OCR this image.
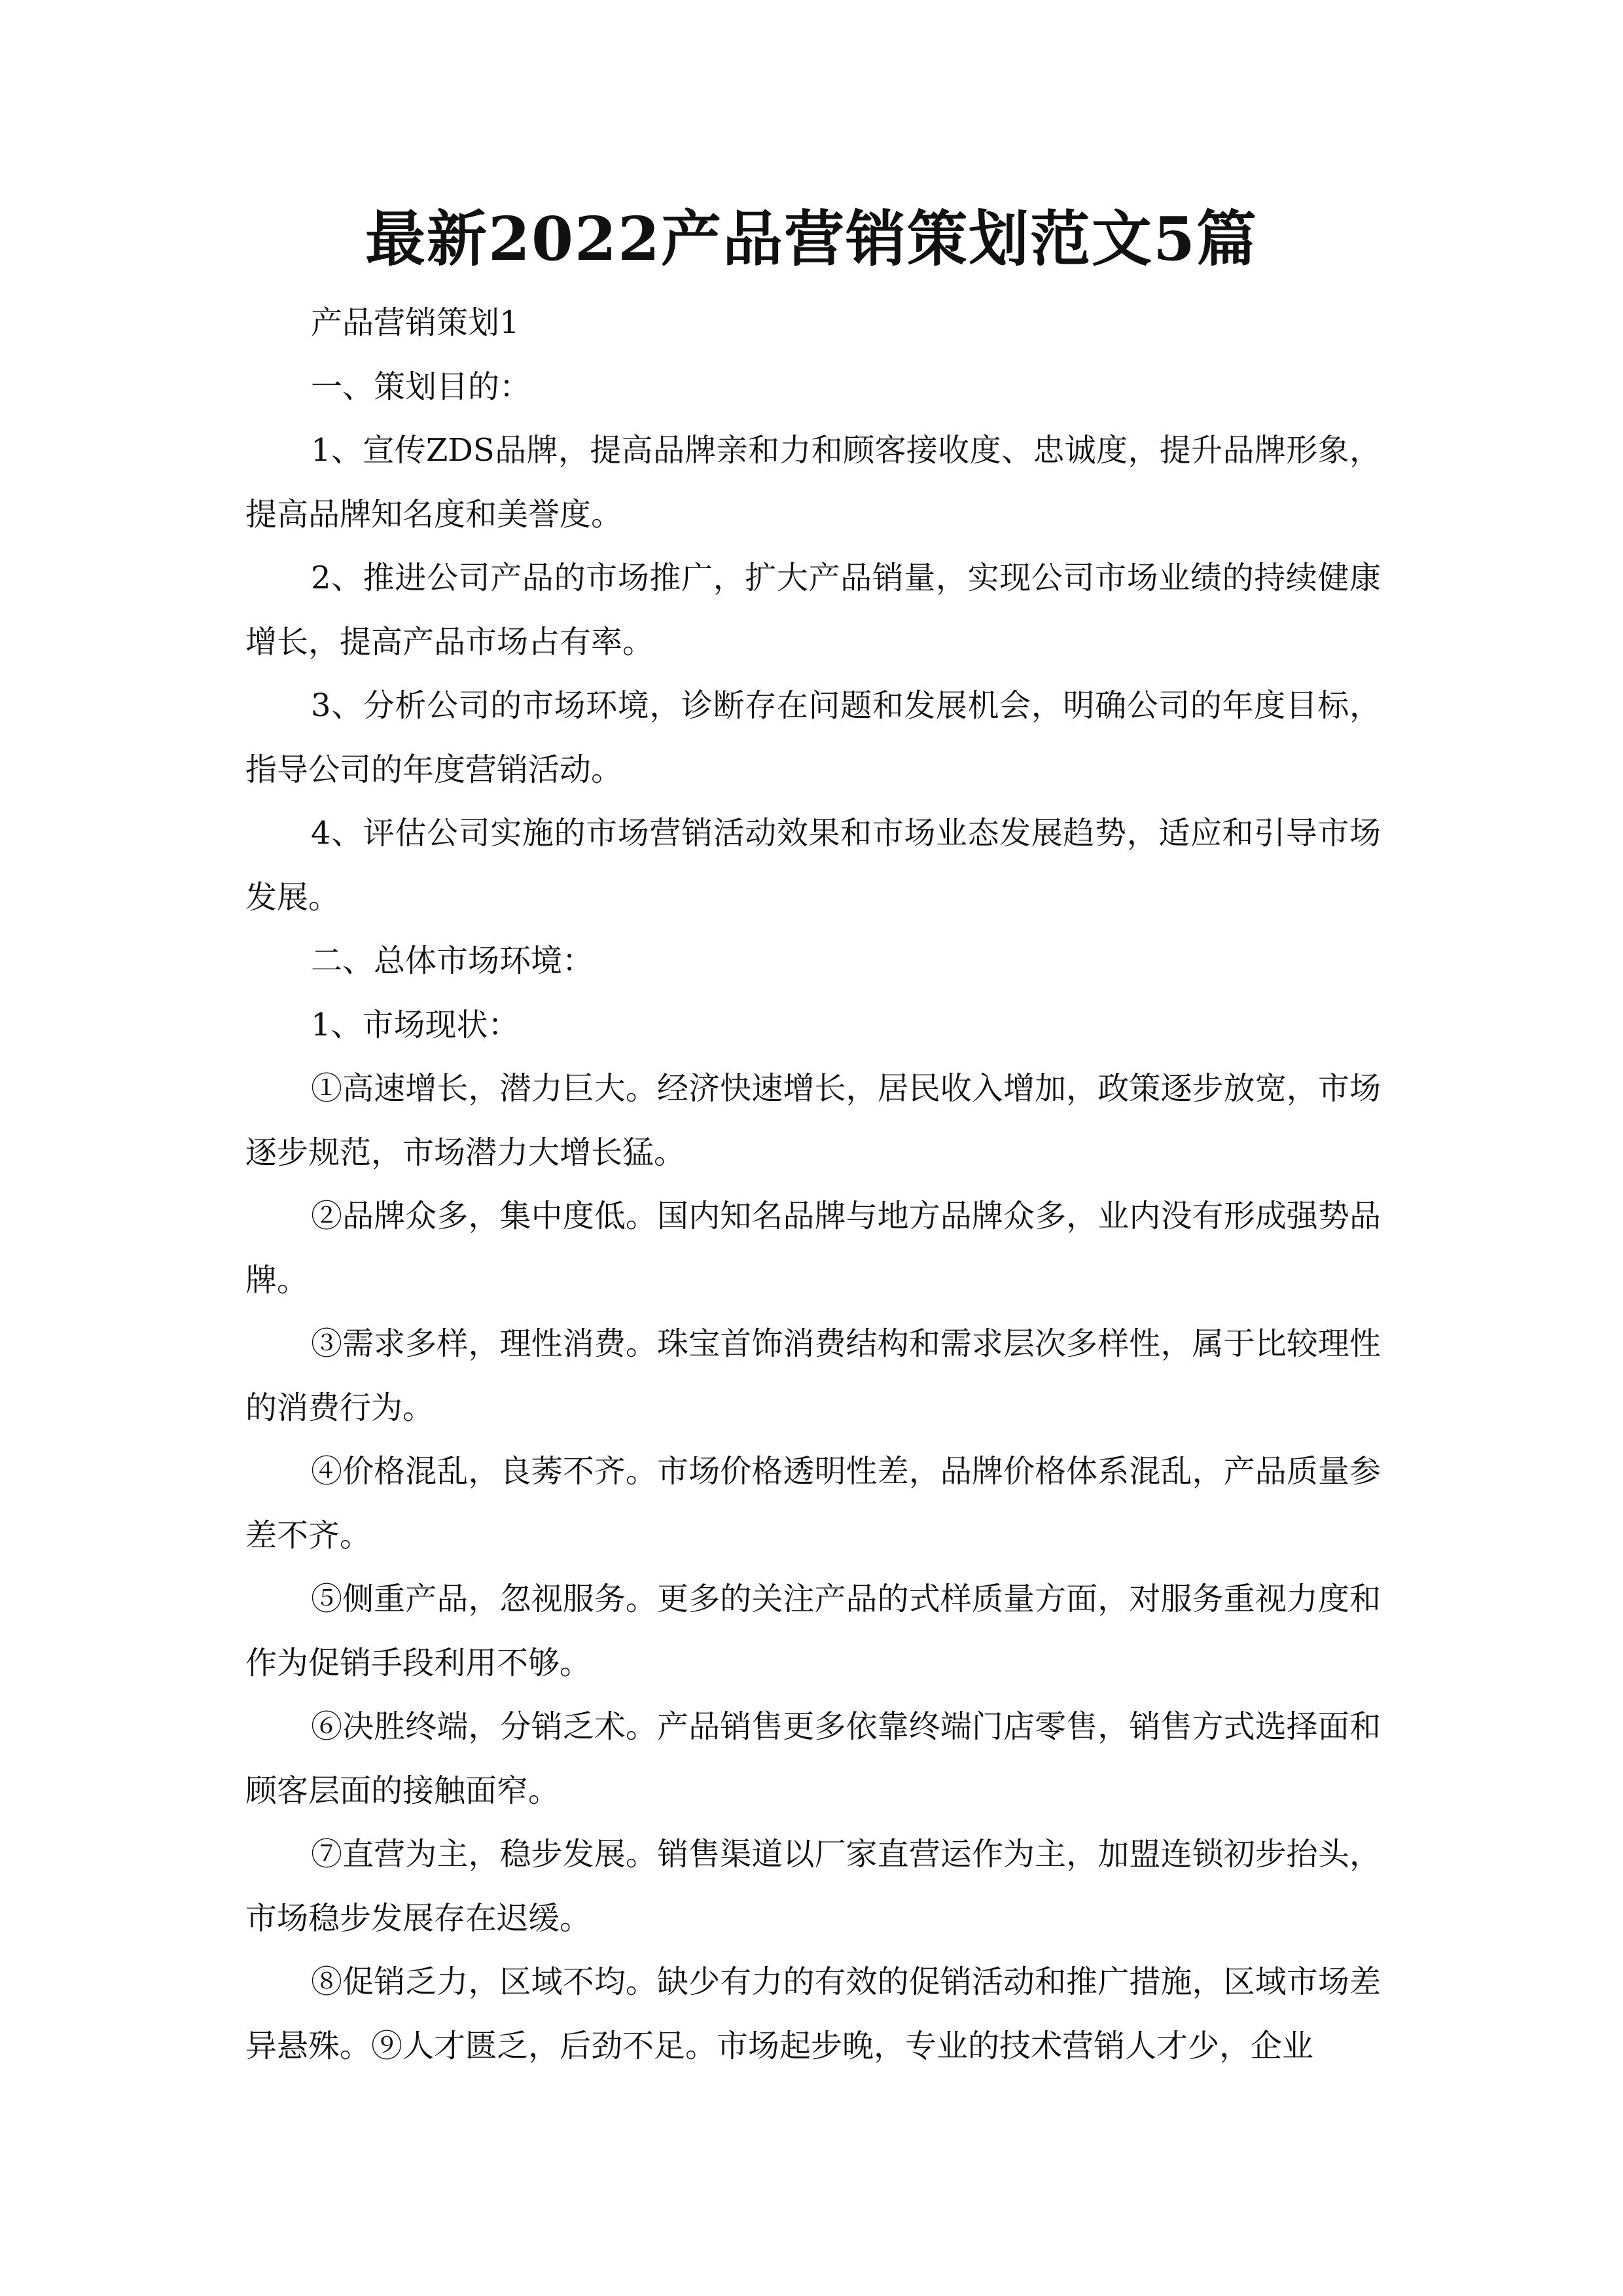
最新2022产品营销策划范文5篇

产品营销策划1

一、策划目的：

1、宣传ZDS品牌，提高品牌亲和力和顾客接收度、忠诚度，提升品牌形象，提高品牌知名度和美誉度。

2、推进公司产品的市场推广，扩大产品销量，实现公司市场业绩的持续健康增长，提高产品市场占有率。

3、分析公司的市场环境，诊断存在问题和发展机会，明确公司的年度目标，指导公司的年度营销活动。

4、评估公司实施的市场营销活动效果和市场业态发展趋势，适应和引导市场发展。

二、总体市场环境：

1、市场现状：

①高速增长，潜力巨大。经济快速增长，居民收入增加，政策逐步放宽，市场逐步规范，市场潜力大增长猛。

②品牌众多，集中度低。国内知名品牌与地方品牌众多，业内没有形成强势品牌。

③需求多样，理性消费。珠宝首饰消费结构和需求层次多样性，属于比较理性的消费行为。

④价格混乱，良莠不齐。市场价格透明性差，品牌价格体系混乱，产品质量参差不齐。

⑤侧重产品，忽视服务。更多的关注产品的式样质量方面，对服务重视力度和作为促销手段利用不够。

⑥决胜终端，分销乏术。产品销售更多依靠终端门店零售，销售方式选择面和顾客层面的接触面窄。

⑦直营为主，稳步发展。销售渠道以厂家直营运作为主，加盟连锁初步抬头，市场稳步发展存在迟缓。

⑧促销乏力，区域不均。缺少有力的有效的促销活动和推广措施，区域市场差异悬殊。⑨人才匮乏，后劲不足。市场起步晚，专业的技术营销人才少，企业
